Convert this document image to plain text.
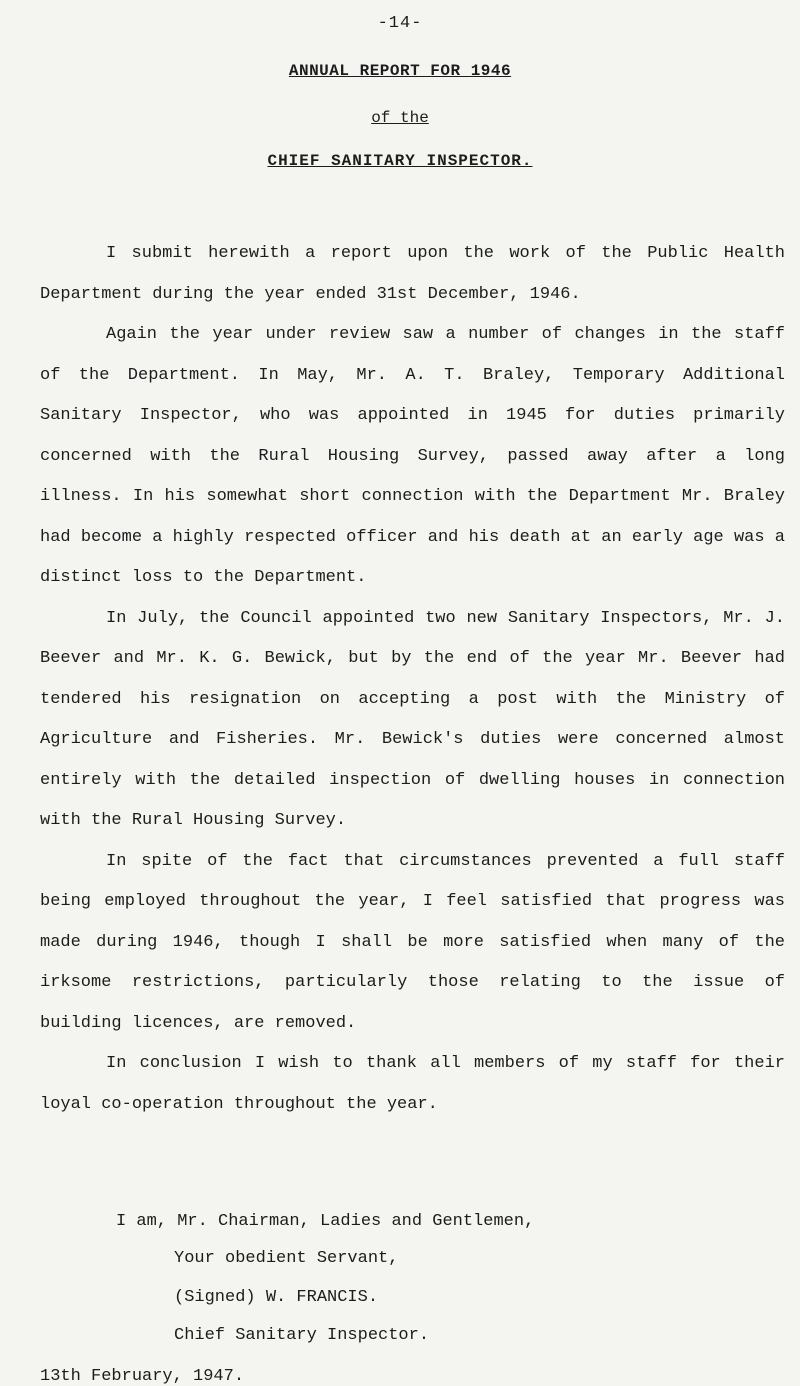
-14-
ANNUAL REPORT FOR 1946
of the
CHIEF SANITARY INSPECTOR.

I submit herewith a report upon the work of the Public Health Department during the year ended 31st December, 1946.

Again the year under review saw a number of changes in the staff of the Department. In May, Mr. A. T. Braley, Temporary Additional Sanitary Inspector, who was appointed in 1945 for duties primarily concerned with the Rural Housing Survey, passed away after a long illness. In his somewhat short connection with the Department Mr. Braley had become a highly respected officer and his death at an early age was a distinct loss to the Department.

In July, the Council appointed two new Sanitary Inspectors, Mr. J. Beever and Mr. K. G. Bewick, but by the end of the year Mr. Beever had tendered his resignation on accepting a post with the Ministry of Agriculture and Fisheries. Mr. Bewick's duties were concerned almost entirely with the detailed inspection of dwelling houses in connection with the Rural Housing Survey.

In spite of the fact that circumstances prevented a full staff being employed throughout the year, I feel satisfied that progress was made during 1946, though I shall be more satisfied when many of the irksome restrictions, particularly those relating to the issue of building licences, are removed.

In conclusion I wish to thank all members of my staff for their loyal co-operation throughout the year.

I am, Mr. Chairman, Ladies and Gentlemen,
Your obedient Servant,
(Signed) W. FRANCIS.
Chief Sanitary Inspector.
13th February, 1947.
